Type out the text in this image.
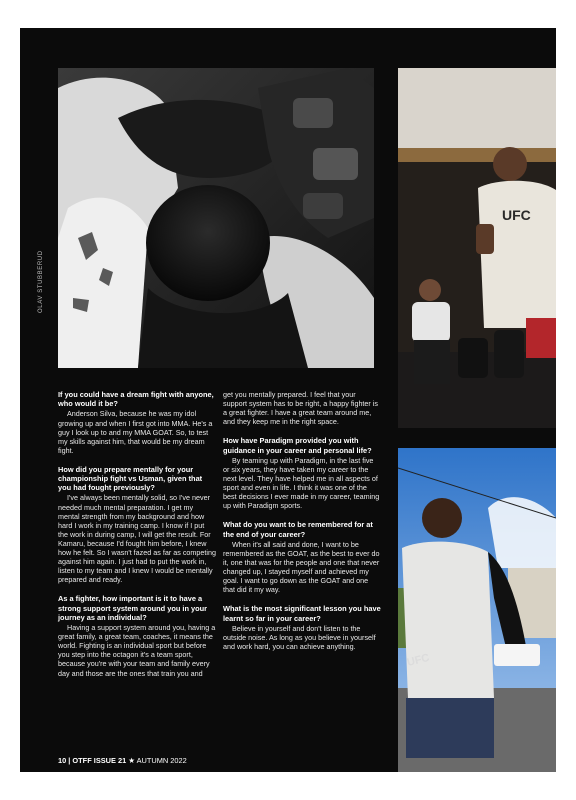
UFC
UFC
OLAV STUBBERUD

If you could have a dream fight with anyone, who would it be?

Anderson Silva, because he was my idol growing up and when I first got into MMA. He's a guy I look up to and my MMA GOAT. So, to test my skills against him, that would be my dream fight.

How did you prepare mentally for your championship fight vs Usman, given that you had fought previously?

I've always been mentally solid, so I've never needed much mental preparation. I get my mental strength from my background and how hard I work in my training camp. I know if I put the work in during camp, I will get the result. For Kamaru, because I'd fought him before, I knew how he felt. So I wasn't fazed as far as competing against him again. I just had to put the work in, listen to my team and I knew I would be mentally prepared and ready.

As a fighter, how important is it to have a strong support system around you in your journey as an individual?

Having a support system around you, having a great family, a great team, coaches, it means the world. Fighting is an individual sport but before you step into the octagon it's a team sport, because you're with your team and family every day and those are the ones that train you and

get you mentally prepared. I feel that your support system has to be right, a happy fighter is a great fighter. I have a great team around me, and they keep me in the right space.

How have Paradigm provided you with guidance in your career and personal life?

By teaming up with Paradigm, in the last five or six years, they have taken my career to the next level. They have helped me in all aspects of sport and even in life. I think it was one of the best decisions I ever made in my career, teaming up with Paradigm sports.

What do you want to be remembered for at the end of your career?

When it's all said and done, I want to be remembered as the GOAT, as the best to ever do it, one that was for the people and one that never changed up, I stayed myself and achieved my goal. I want to go down as the GOAT and one that did it my way.

What is the most significant lesson you have learnt so far in your career?

Believe in yourself and don't listen to the outside noise. As long as you believe in yourself and work hard, you can achieve anything.

10 | OTFF ISSUE 21 ★ AUTUMN 2022
